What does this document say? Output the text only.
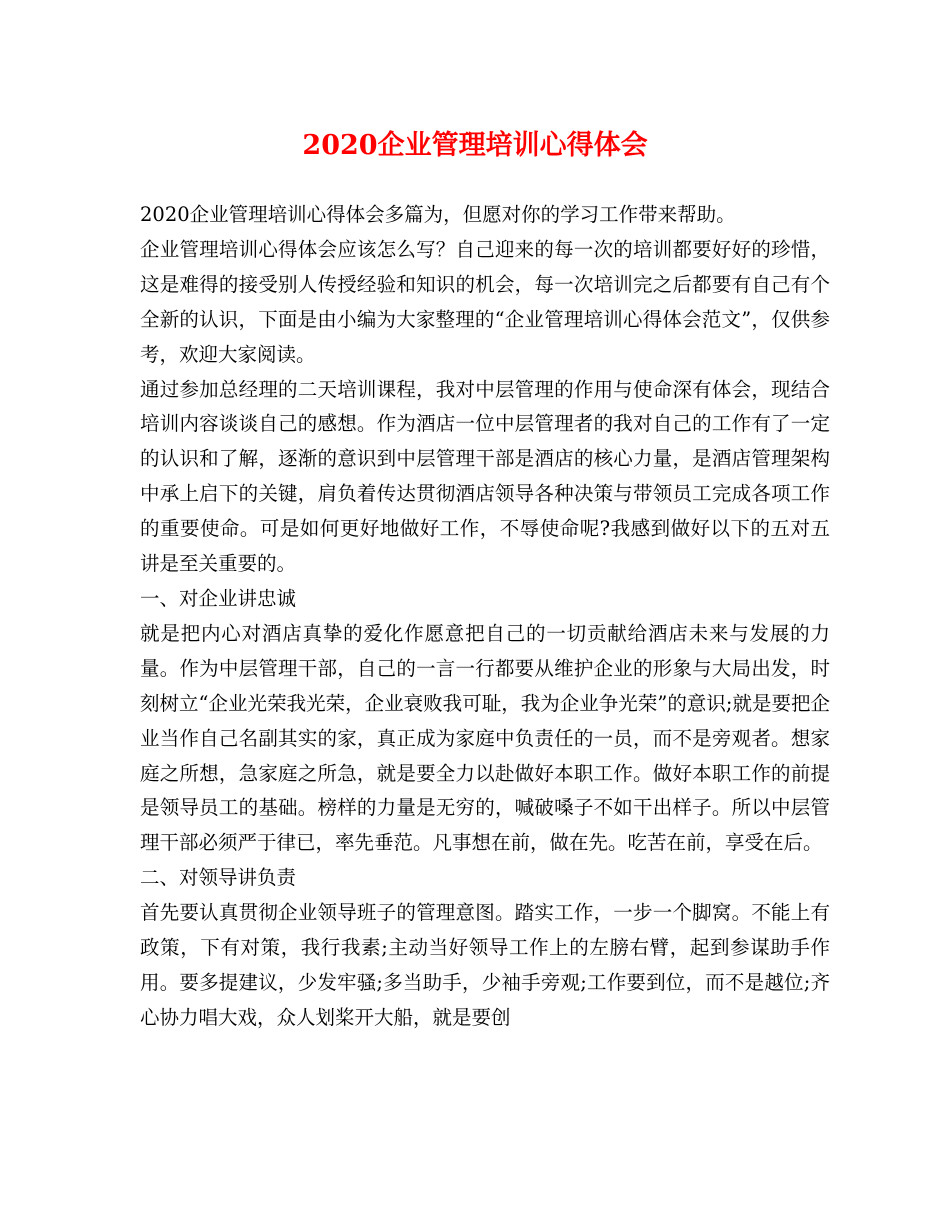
2020企业管理培训心得体会

2020企业管理培训心得体会多篇为，但愿对你的学习工作带来帮助。

企业管理培训心得体会应该怎么写？自己迎来的每一次的培训都要好好的珍惜，这是难得的接受别人传授经验和知识的机会，每一次培训完之后都要有自己有个全新的认识，下面是由小编为大家整理的“企业管理培训心得体会范文”，仅供参考，欢迎大家阅读。

通过参加总经理的二天培训课程，我对中层管理的作用与使命深有体会，现结合培训内容谈谈自己的感想。作为酒店一位中层管理者的我对自己的工作有了一定的认识和了解，逐渐的意识到中层管理干部是酒店的核心力量，是酒店管理架构中承上启下的关键，肩负着传达贯彻酒店领导各种决策与带领员工完成各项工作的重要使命。可是如何更好地做好工作，不辱使命呢?我感到做好以下的五对五讲是至关重要的。

一、对企业讲忠诚

就是把内心对酒店真挚的爱化作愿意把自己的一切贡献给酒店未来与发展的力量。作为中层管理干部，自己的一言一行都要从维护企业的形象与大局出发，时刻树立“企业光荣我光荣，企业衰败我可耻，我为企业争光荣”的意识;就是要把企业当作自己名副其实的家，真正成为家庭中负责任的一员，而不是旁观者。想家庭之所想，急家庭之所急，就是要全力以赴做好本职工作。做好本职工作的前提是领导员工的基础。榜样的力量是无穷的，喊破嗓子不如干出样子。所以中层管理干部必须严于律已，率先垂范。凡事想在前，做在先。吃苦在前，享受在后。

二、对领导讲负责

首先要认真贯彻企业领导班子的管理意图。踏实工作，一步一个脚窝。不能上有政策，下有对策，我行我素;主动当好领导工作上的左膀右臂，起到参谋助手作用。要多提建议，少发牢骚;多当助手，少袖手旁观;工作要到位，而不是越位;齐心协力唱大戏，众人划桨开大船，就是要创
